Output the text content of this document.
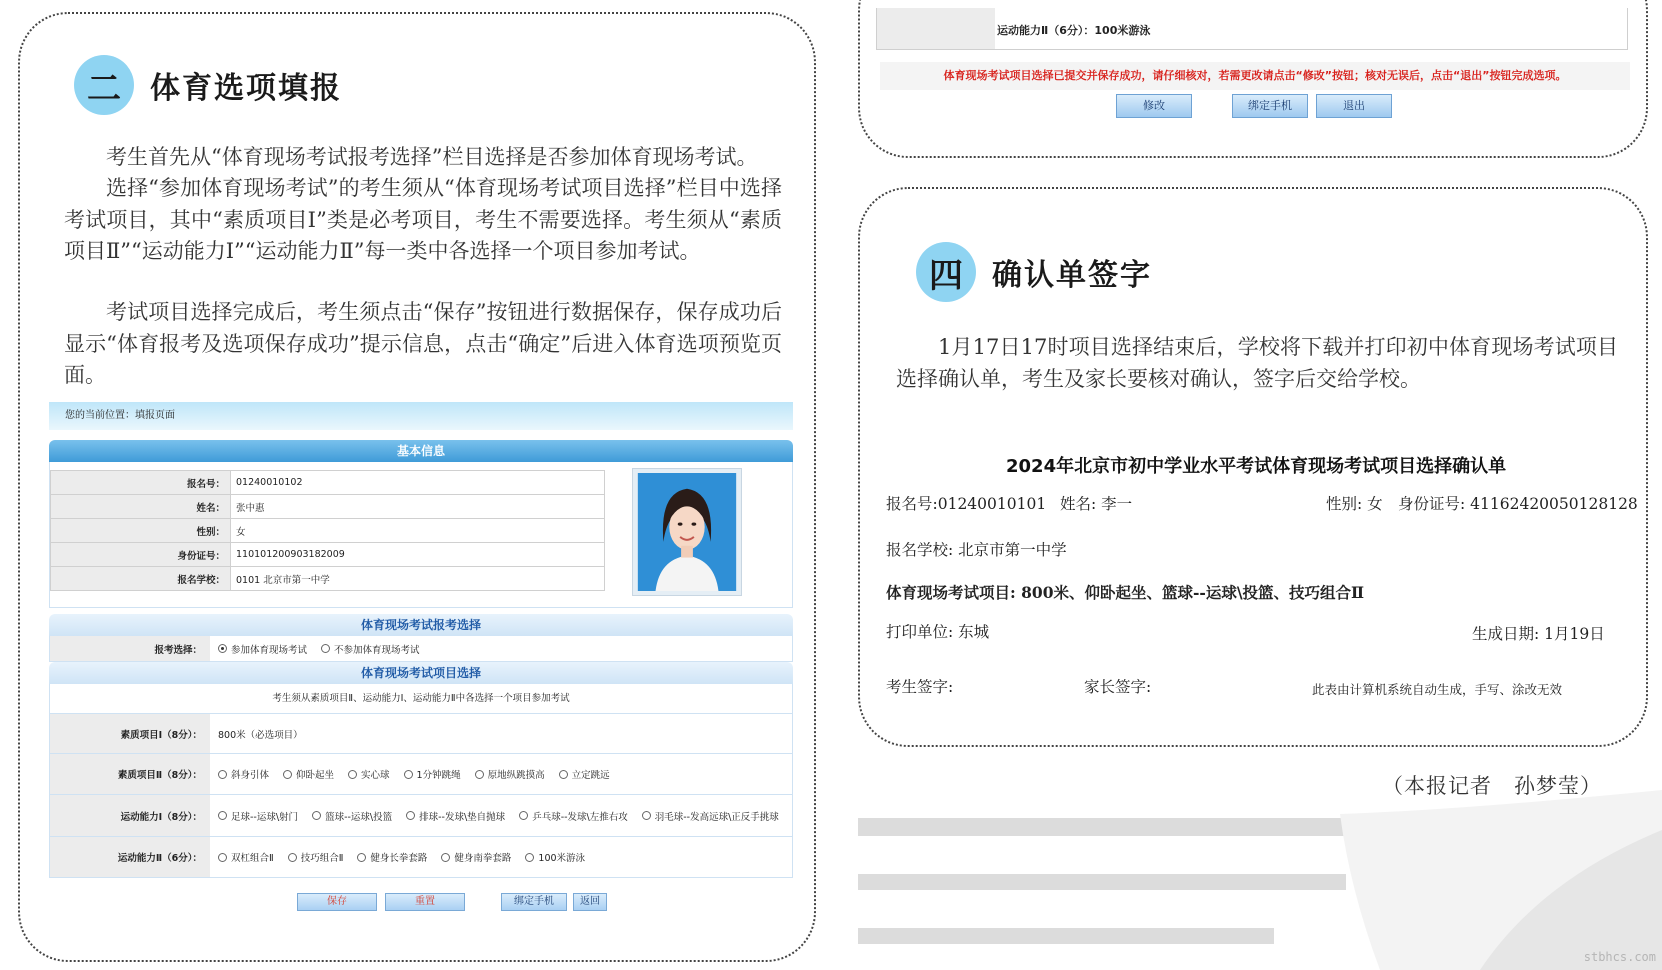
二 体育选项填报
考生首先从“体育现场考试报考选择”栏目选择是否参加体育现场考试。
选择“参加体育现场考试”的考生须从“体育现场考试项目选择”栏目中选择考试项目，其中“素质项目Ⅰ”类是必考项目，考生不需要选择。考生须从“素质项目Ⅱ”“运动能力Ⅰ”“运动能力Ⅱ”每一类中各选择一个项目参加考试。
考试项目选择完成后，考生须点击“保存”按钮进行数据保存，保存成功后显示“体育报考及选项保存成功”提示信息，点击“确定”后进入体育选项预览页面。
您的当前位置：填报页面
基本信息
报名号：	01240010102
姓名：	张中惠
性别：	女
身份证号：	110101200903182009
报名学校：	0101 北京市第一中学
体育现场考试报考选择
报考选择：	参加体育现场考试	不参加体育现场考试
体育现场考试项目选择
考生须从素质项目Ⅱ、运动能力Ⅰ、运动能力Ⅱ中各选择一个项目参加考试
素质项目Ⅰ（8分）：	800米（必选项目）
素质项目Ⅱ（8分）：	斜身引体	仰卧起坐	实心球	1分钟跳绳	原地纵跳摸高	立定跳远
运动能力Ⅰ（8分）：	足球--运球\射门	篮球--运球\投篮	排球--发球\垫自抛球	乒乓球--发球\左推右攻	羽毛球--发高远球\正反手挑球
运动能力Ⅱ（6分）：	双杠组合Ⅱ	技巧组合Ⅱ	健身长拳套路	健身南拳套路	100米游泳
保存	重置	绑定手机	返回
运动能力Ⅱ（6分）：100米游泳
体育现场考试项目选择已提交并保存成功，请仔细核对，若需更改请点击“修改”按钮；核对无误后，点击“退出”按钮完成选项。
修改	绑定手机	退出
四 确认单签字
1月17日17时项目选择结束后，学校将下载并打印初中体育现场考试项目选择确认单，考生及家长要核对确认，签字后交给学校。
2024年北京市初中学业水平考试体育现场考试项目选择确认单
报名号:01240010101 姓名: 李一	性别: 女 身份证号: 41162420050128128
报名学校: 北京市第一中学
体育现场考试项目: 800米、仰卧起坐、篮球--运球\投篮、技巧组合Ⅱ
打印单位: 东城	生成日期: 1月19日
考生签字:	家长签字:	此表由计算机系统自动生成，手写、涂改无效
（本报记者　孙梦莹）
stbhcs.com
